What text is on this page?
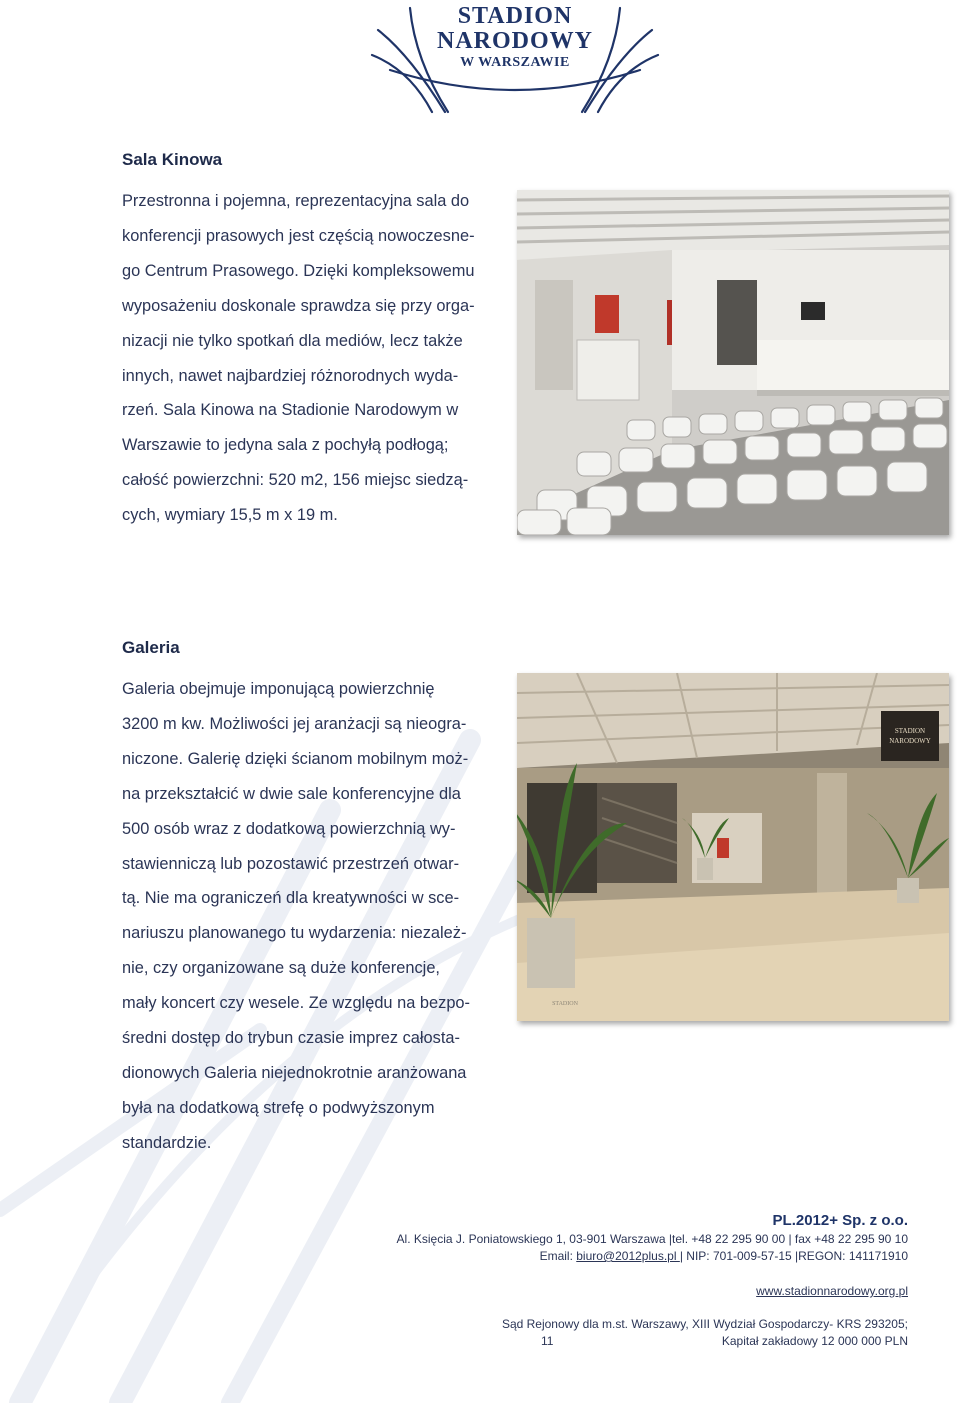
STADION
NARODOWY
W WARSZAWIE
Sala Kinowa

Przestronna i pojemna, reprezentacyjna sala do

konferencji prasowych jest częścią nowoczesne-

go Centrum Prasowego. Dzięki kompleksowemu

wyposażeniu doskonale sprawdza się przy orga-

nizacji nie tylko spotkań dla mediów, lecz także

innych, nawet najbardziej różnorodnych wyda-

rzeń. Sala Kinowa na Stadionie Narodowym w

Warszawie to jedyna sala z pochyłą podłogą;

całość powierzchni: 520 m2, 156 miejsc siedzą-

cych, wymiary 15,5 m x 19 m.

Galeria

Galeria obejmuje imponującą powierzchnię

3200 m kw. Możliwości jej aranżacji są nieogra-

niczone. Galerię dzięki ścianom mobilnym moż-

na przekształcić w dwie sale konferencyjne dla

500 osób wraz z dodatkową powierzchnią wy-

stawienniczą lub pozostawić przestrzeń otwar-

tą. Nie ma ograniczeń dla kreatywności w sce-

nariuszu planowanego tu wydarzenia: niezależ-

nie, czy organizowane są duże konferencje,

mały koncert czy wesele. Ze względu na bezpo-

średni dostęp do trybun czasie imprez całosta-

dionowych Galeria niejednokrotnie aranżowana

była na dodatkową strefę o podwyższonym

standardzie.

STADION
NARODOWY
STADION
PL.2012+ Sp. z o.o.
Al. Księcia J. Poniatowskiego 1, 03-901 Warszawa |tel. +48 22 295 90 00 | fax +48 22 295 90 10
Email: biuro@2012plus.pl | NIP: 701-009-57-15 |REGON: 141171910
www.stadionnarodowy.org.pl
Sąd Rejonowy dla m.st. Warszawy, XIII Wydział Gospodarczy- KRS 293205;
11	Kapitał zakładowy 12 000 000 PLN
